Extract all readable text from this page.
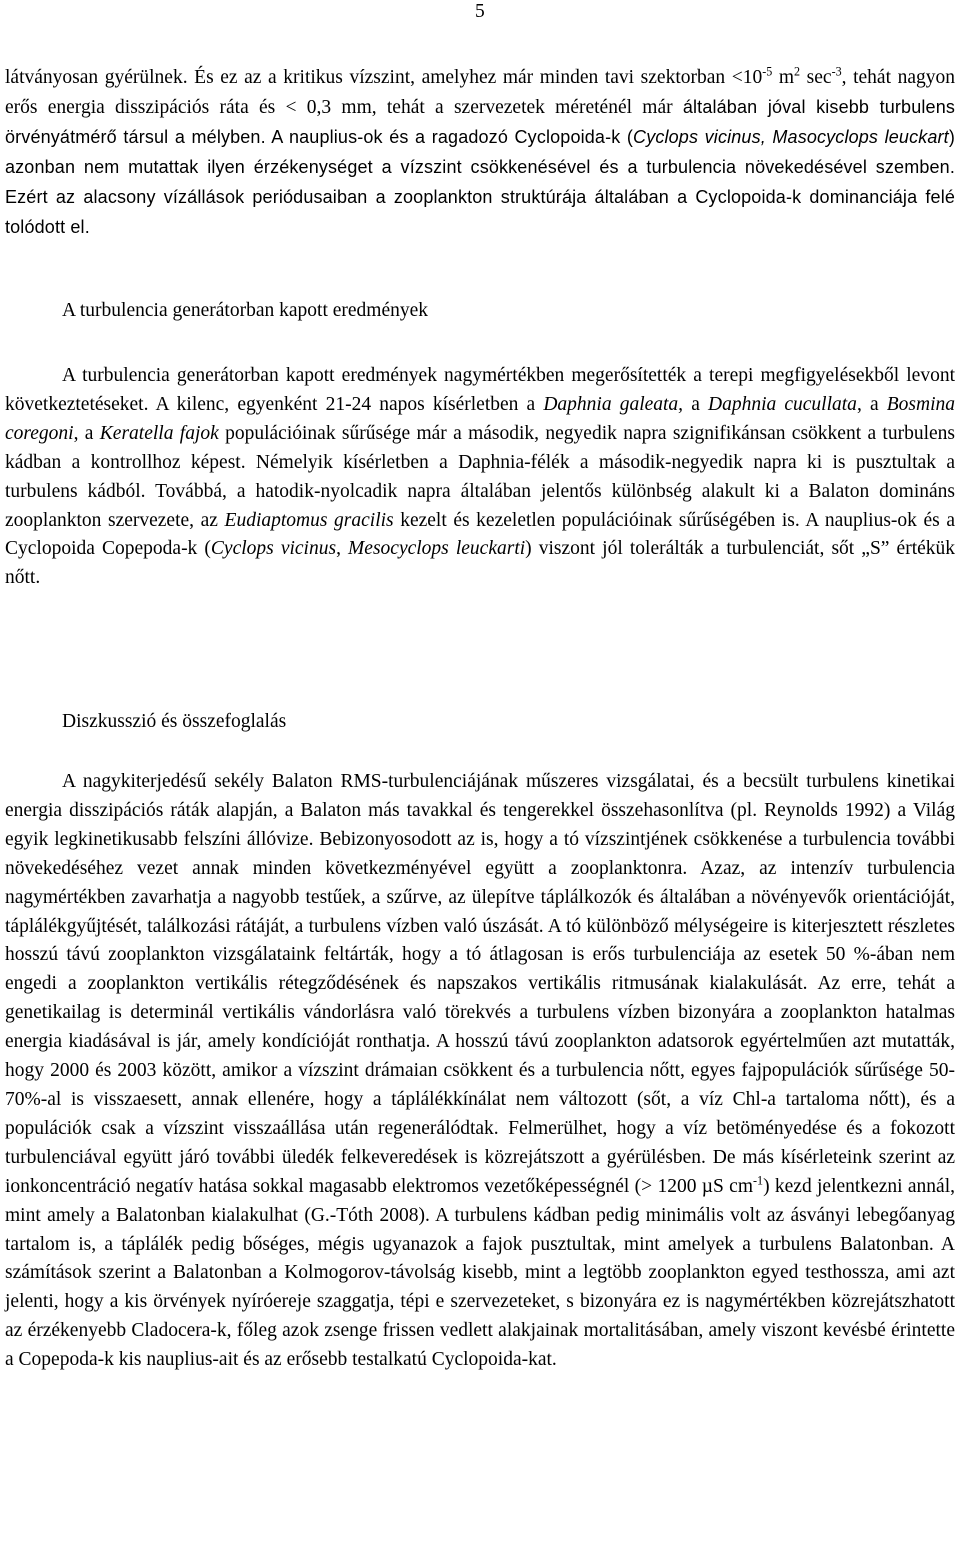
5
látványosan gyérülnek. És ez az a kritikus vízszint, amelyhez már minden tavi szektorban $<10^{-5}$ $m^2$ $\sec^{-3}$, tehát nagyon erős energia disszipációs ráta és < 0,3 mm, tehát a szervezetek méreténél már általában jóval kisebb turbulens örvényátmérő társul a mélyben. A nauplius-ok és a ragadozó Cyclopoida-k (Cyclops vicinus, Masocyclops leuckart) azonban nem mutattak ilyen érzékenységet a vízszint csökkenésével és a turbulencia növekedésével szemben. Ezért az alacsony vízállások periódusaiban a zooplankton struktúrája általában a Cyclopoida-k dominanciája felé tolódott el.
A turbulencia generátorban kapott eredmények
A turbulencia generátorban kapott eredmények nagymértékben megerősítették a terepi megfigyelésekből levont következtetéseket. A kilenc, egyenként 21-24 napos kísérletben a Daphnia galeata, a Daphnia cucullata, a Bosmina coregoni, a Keratella fajok populációinak sűrűsége már a második, negyedik napra szignifikánsan csökkent a turbulens kádban a kontrollhoz képest. Némelyik kísérletben a Daphnia-félék a második-negyedik napra ki is pusztultak a turbulens kádból. Továbbá, a hatodik-nyolcadik napra általában jelentős különbség alakult ki a Balaton domináns zooplankton szervezete, az Eudiaptomus gracilis kezelt és kezeletlen populációinak sűrűségében is. A nauplius-ok és a Cyclopoida Copepoda-k (Cyclops vicinus, Mesocyclops leuckarti) viszont jól tolerálták a turbulenciát, sőt „S” értékük nőtt.
Diszkusszió és összefoglalás
A nagykiterjedésű sekély Balaton RMS-turbulenciájának műszeres vizsgálatai, és a becsült turbulens kinetikai energia disszipációs ráták alapján, a Balaton más tavakkal és tengerekkel összehasonlítva (pl. Reynolds 1992) a Világ egyik legkinetikusabb felszíni állóvize. Bebizonyosodott az is, hogy a tó vízszintjének csökkenése a turbulencia további növekedéséhez vezet annak minden következményével együtt a zooplanktonra. Azaz, az intenzív turbulencia nagymértékben zavarhatja a nagyobb testűek, a szűrve, az ülepítve táplálkozók és általában a növényevők orientációját, táplálékgyűjtését, találkozási rátáját, a turbulens vízben való úszását. A tó különböző mélységeire is kiterjesztett részletes hosszú távú zooplankton vizsgálataink feltárták, hogy a tó átlagosan is erős turbulenciája az esetek 50 %-ában nem engedi a zooplankton vertikális rétegződésének és napszakos vertikális ritmusának kialakulását. Az erre, tehát a genetikailag is determinál vertikális vándorlásra való törekvés a turbulens vízben bizonyára a zooplankton hatalmas energia kiadásával is jár, amely kondícióját ronthatja. A hosszú távú zooplankton adatsorok egyértelműen azt mutatták, hogy 2000 és 2003 között, amikor a vízszint drámaian csökkent és a turbulencia nőtt, egyes fajpopulációk sűrűsége 50-70%-al is visszaesett, annak ellenére, hogy a táplálékkínálat nem változott (sőt, a víz Chl-a tartaloma nőtt), és a populációk csak a vízszint visszaállása után regenerálódtak. Felmerülhet, hogy a víz betöményedése és a fokozott turbulenciával együtt járó további üledék felkeveredések is közrejátszott a gyérülésben. De más kísérleteink szerint az ionkoncentráció negatív hatása sokkal magasabb elektromos vezetőképességnél (> 1200 µS $cm^{-1}$) kezd jelentkezni annál, mint amely a Balatonban kialakulhat (G.-Tóth 2008). A turbulens kádban pedig minimális volt az ásványi lebegőanyag tartalom is, a táplálék pedig bőséges, mégis ugyanazok a fajok pusztultak, mint amelyek a turbulens Balatonban. A számítások szerint a Balatonban a Kolmogorov-távolság kisebb, mint a legtöbb zooplankton egyed testhossza, ami azt jelenti, hogy a kis örvények nyíróereje szaggatja, tépi e szervezeteket, s bizonyára ez is nagymértékben közrejátszhatott az érzékenyebb Cladocera-k, főleg azok zsenge frissen vedlett alakjainak mortalitásában, amely viszont kevésbé érintette a Copepoda-k kis nauplius-ait és az erősebb testalkatú Cyclopoida-kat.
